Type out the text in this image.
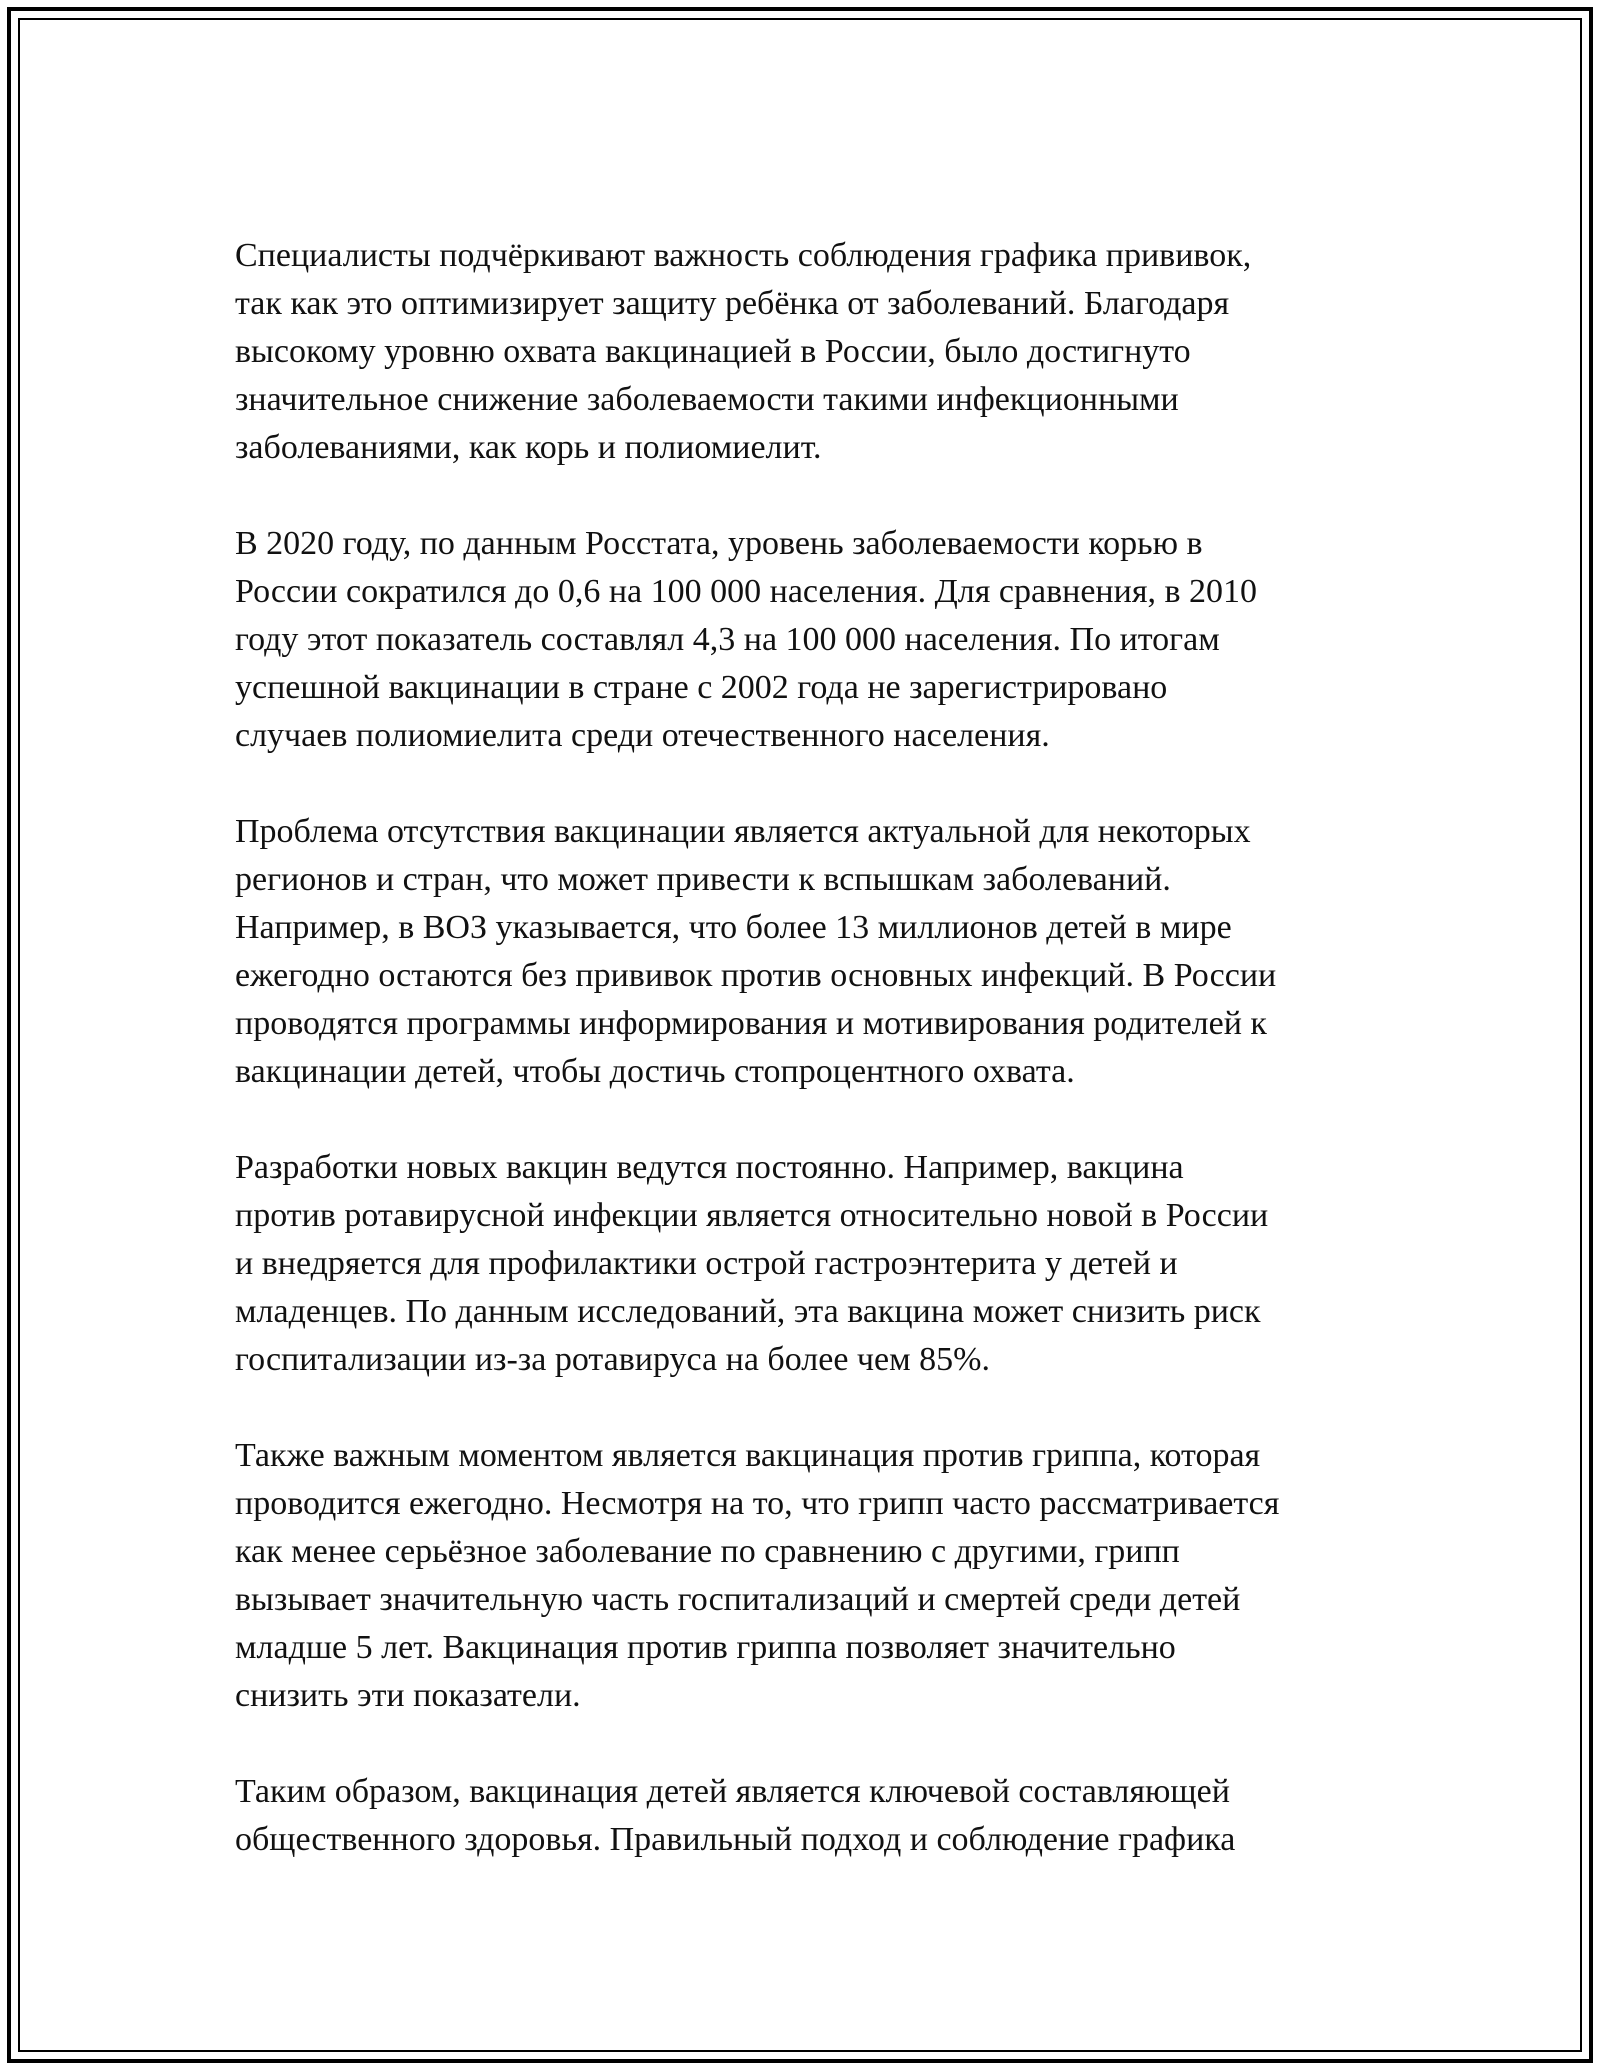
Специалисты подчёркивают важность соблюдения графика прививок,
так как это оптимизирует защиту ребёнка от заболеваний. Благодаря
высокому уровню охвата вакцинацией в России, было достигнуто
значительное снижение заболеваемости такими инфекционными
заболеваниями, как корь и полиомиелит.

В 2020 году, по данным Росстата, уровень заболеваемости корью в
России сократился до 0,6 на 100 000 населения. Для сравнения, в 2010
году этот показатель составлял 4,3 на 100 000 населения. По итогам
успешной вакцинации в стране с 2002 года не зарегистрировано
случаев полиомиелита среди отечественного населения.

Проблема отсутствия вакцинации является актуальной для некоторых
регионов и стран, что может привести к вспышкам заболеваний.
Например, в ВОЗ указывается, что более 13 миллионов детей в мире
ежегодно остаются без прививок против основных инфекций. В России
проводятся программы информирования и мотивирования родителей к
вакцинации детей, чтобы достичь стопроцентного охвата.

Разработки новых вакцин ведутся постоянно. Например, вакцина
против ротавирусной инфекции является относительно новой в России
и внедряется для профилактики острой гастроэнтерита у детей и
младенцев. По данным исследований, эта вакцина может снизить риск
госпитализации из-за ротавируса на более чем 85%.

Также важным моментом является вакцинация против гриппа, которая
проводится ежегодно. Несмотря на то, что грипп часто рассматривается
как менее серьёзное заболевание по сравнению с другими, грипп
вызывает значительную часть госпитализаций и смертей среди детей
младше 5 лет. Вакцинация против гриппа позволяет значительно
снизить эти показатели.

Таким образом, вакцинация детей является ключевой составляющей
общественного здоровья. Правильный подход и соблюдение графика
